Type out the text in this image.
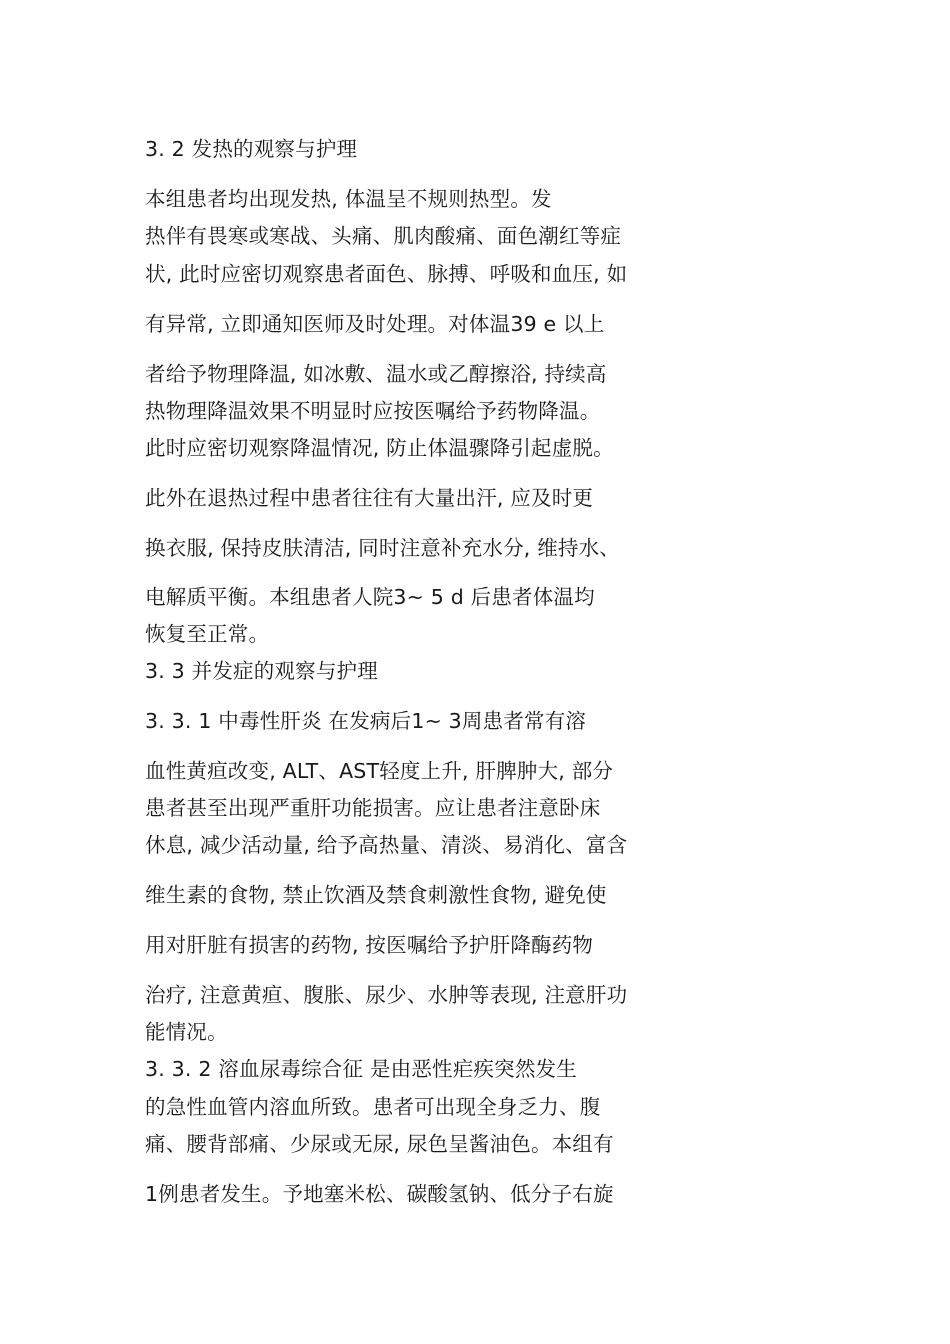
3. 2 发热的观察与护理
本组患者均出现发热, 体温呈不规则热型。发
热伴有畏寒或寒战、头痛、肌肉酸痛、面色潮红等症
状, 此时应密切观察患者面色、脉搏、呼吸和血压, 如
有异常, 立即通知医师及时处理。对体温39 e 以上
者给予物理降温, 如冰敷、温水或乙醇擦浴, 持续高
热物理降温效果不明显时应按医嘱给予药物降温。
此时应密切观察降温情况, 防止体温骤降引起虚脱。
此外在退热过程中患者往往有大量出汗, 应及时更
换衣服, 保持皮肤清洁, 同时注意补充水分, 维持水、
电解质平衡。本组患者人院3~ 5 d 后患者体温均
恢复至正常。
3. 3 并发症的观察与护理
3. 3. 1 中毒性肝炎 在发病后1~ 3周患者常有溶
血性黄疸改变, ALT、AST轻度上升, 肝脾肿大, 部分
患者甚至出现严重肝功能损害。应让患者注意卧床
休息, 减少活动量, 给予高热量、清淡、易消化、富含
维生素的食物, 禁止饮酒及禁食刺激性食物, 避免使
用对肝脏有损害的药物, 按医嘱给予护肝降酶药物
治疗, 注意黄疸、腹胀、尿少、水肿等表现, 注意肝功
能情况。
3. 3. 2 溶血尿毒综合征 是由恶性疟疾突然发生
的急性血管内溶血所致。患者可出现全身乏力、腹
痛、腰背部痛、少尿或无尿, 尿色呈酱油色。本组有
1例患者发生。予地塞米松、碳酸氢钠、低分子右旋
